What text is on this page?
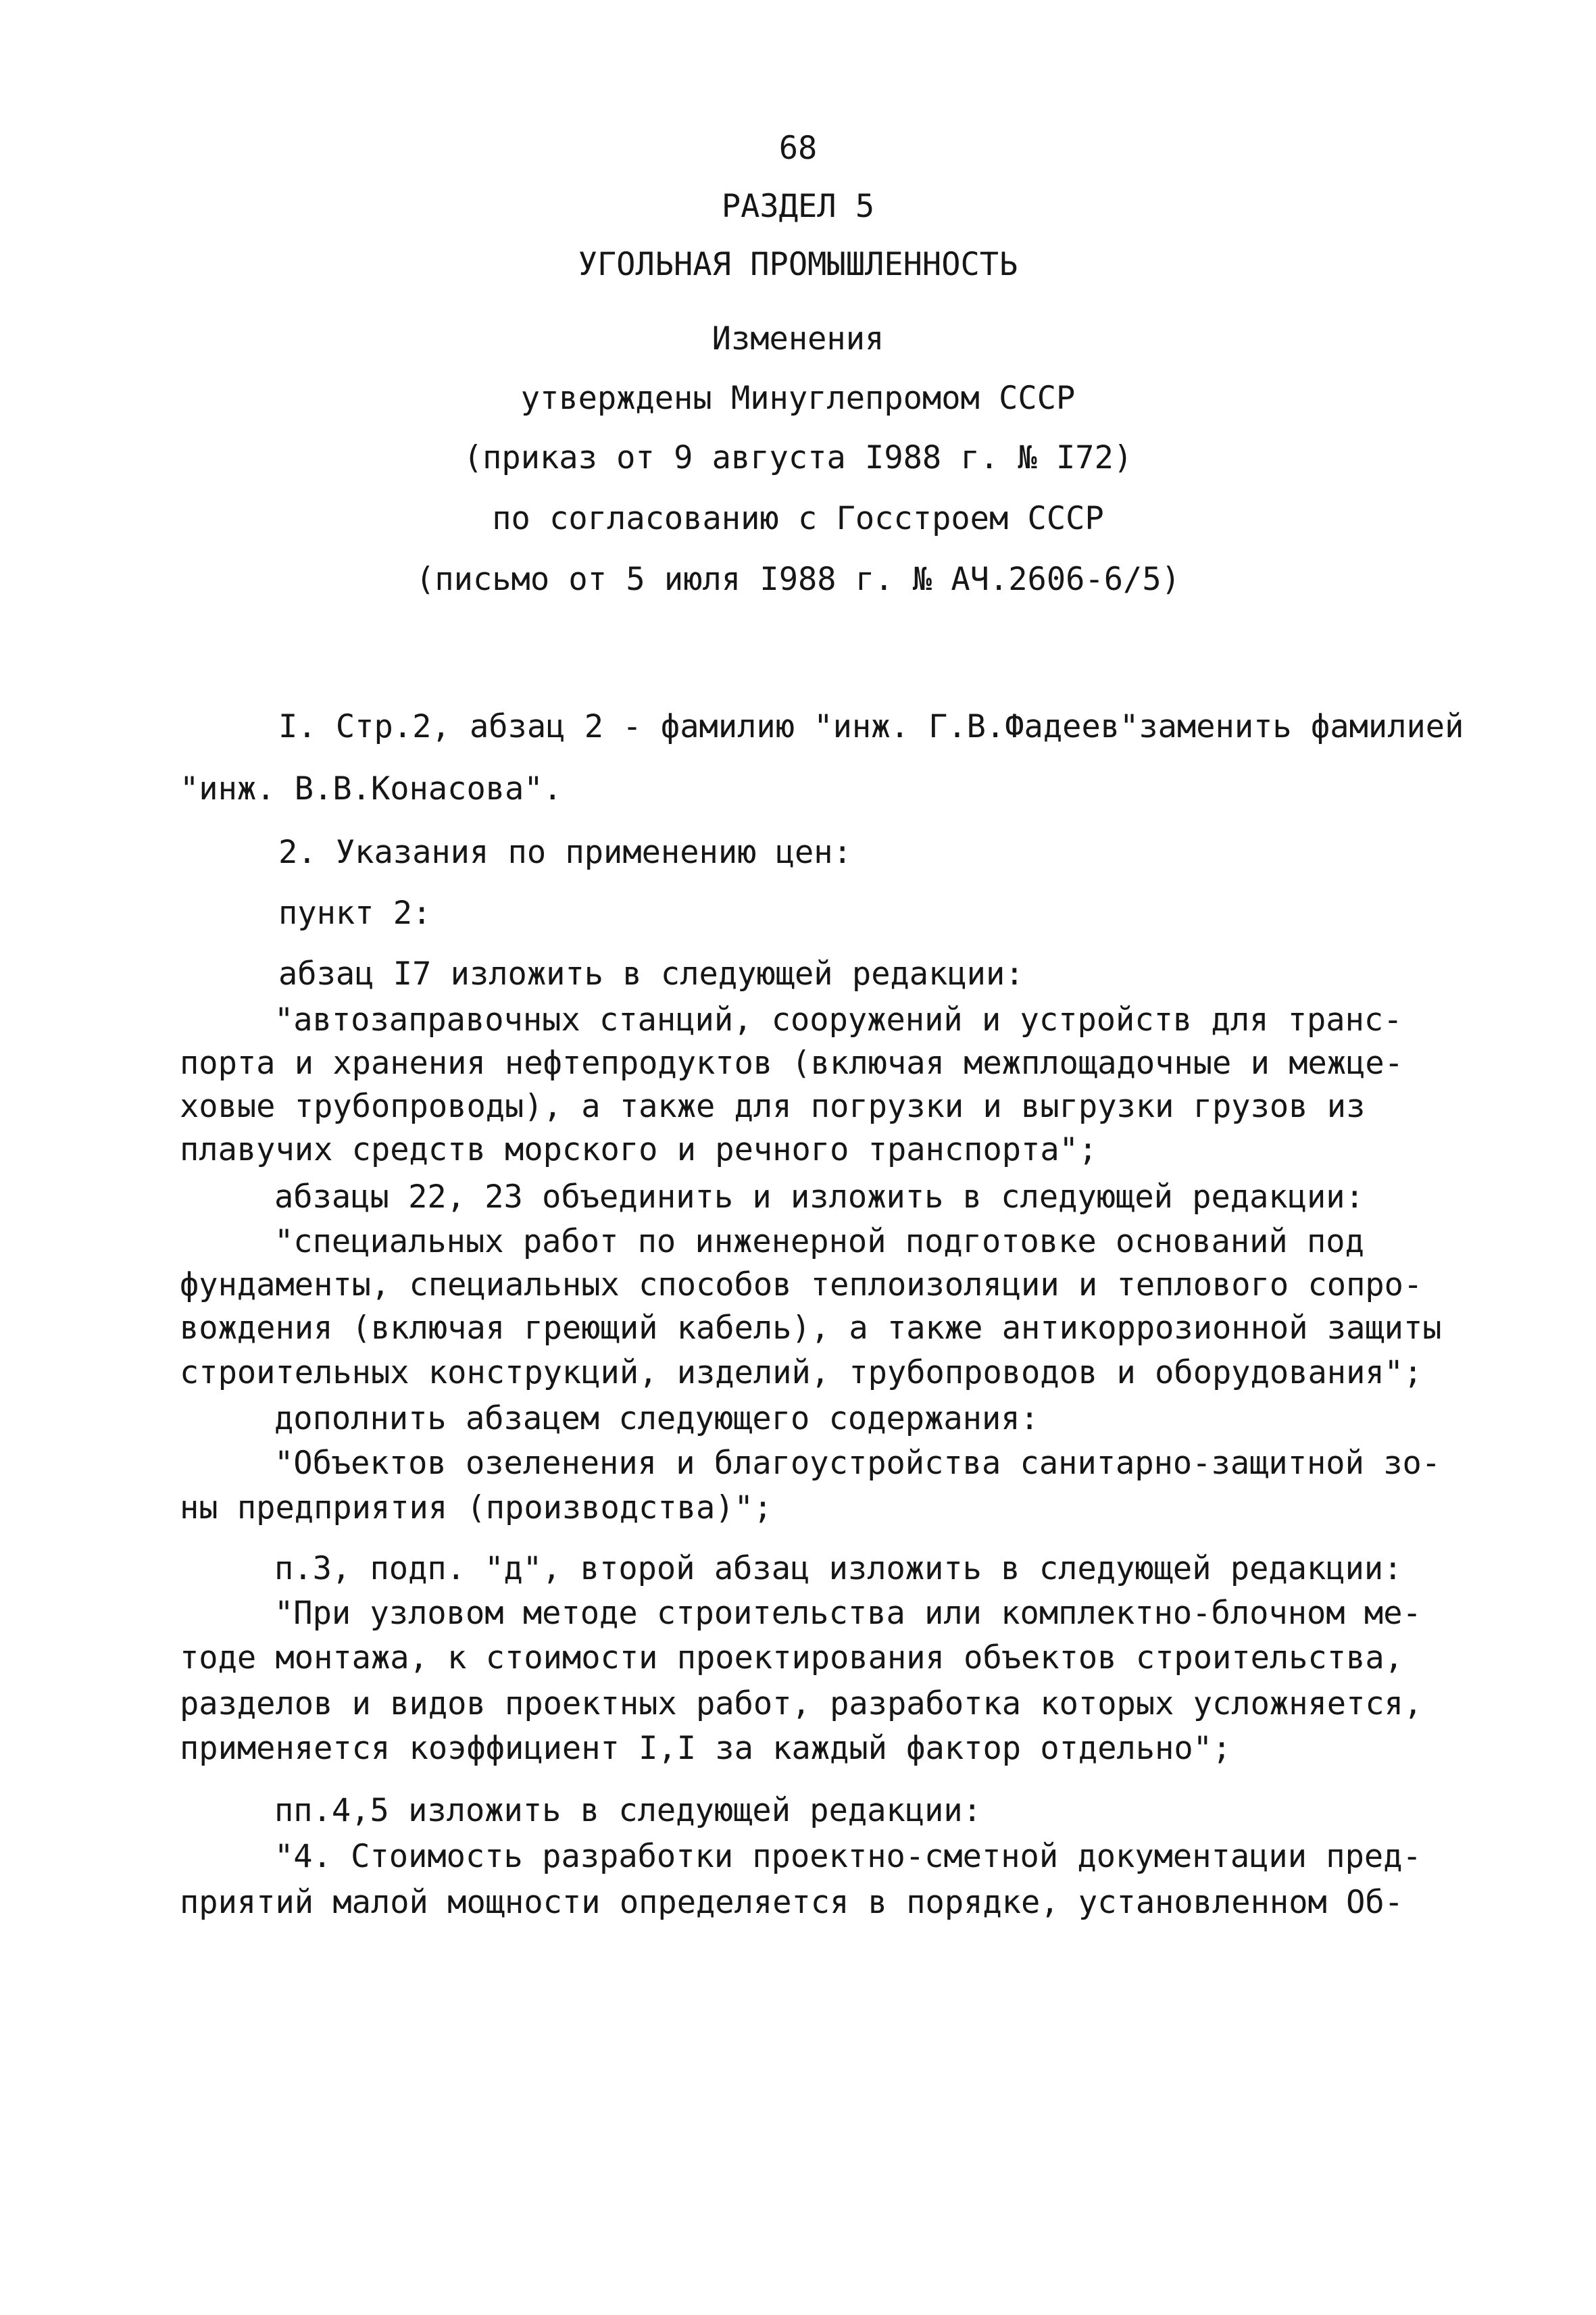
68
РАЗДЕЛ 5
УГОЛЬНАЯ ПРОМЫШЛЕННОСТЬ
Изменения
утверждены Минуглепромом СССР
(приказ от 9 августа I988 г. № I72)
по согласованию с Госстроем СССР
(письмо от 5 июля I988 г. № АЧ.2606-6/5)
I. Стр.2, абзац 2 - фамилию "инж. Г.В.Фадеев"заменить фамилией
"инж. В.В.Конасова".
2. Указания по применению цен:
пункт 2:
абзац I7 изложить в следующей редакции:
"автозаправочных станций, сооружений и устройств для транс-
порта и хранения нефтепродуктов (включая межплощадочные и межце-
ховые трубопроводы), а также для погрузки и выгрузки грузов из
плавучих средств морского и речного транспорта";
абзацы 22, 23 объединить и изложить в следующей редакции:
"специальных работ по инженерной подготовке оснований под
фундаменты, специальных способов теплоизоляции и теплового сопро-
вождения (включая греющий кабель), а также антикоррозионной защиты
строительных конструкций, изделий, трубопроводов и оборудования";
дополнить абзацем следующего содержания:
"Объектов озеленения и благоустройства санитарно-защитной зо-
ны предприятия (производства)";
п.3, подп. "д", второй абзац изложить в следующей редакции:
"При узловом методе строительства или комплектно-блочном ме-
тоде монтажа, к стоимости проектирования объектов строительства,
разделов и видов проектных работ, разработка которых усложняется,
применяется коэффициент I,I за каждый фактор отдельно";
пп.4,5 изложить в следующей редакции:
"4. Стоимость разработки проектно-сметной документации пред-
приятий малой мощности определяется в порядке, установленном Об-
